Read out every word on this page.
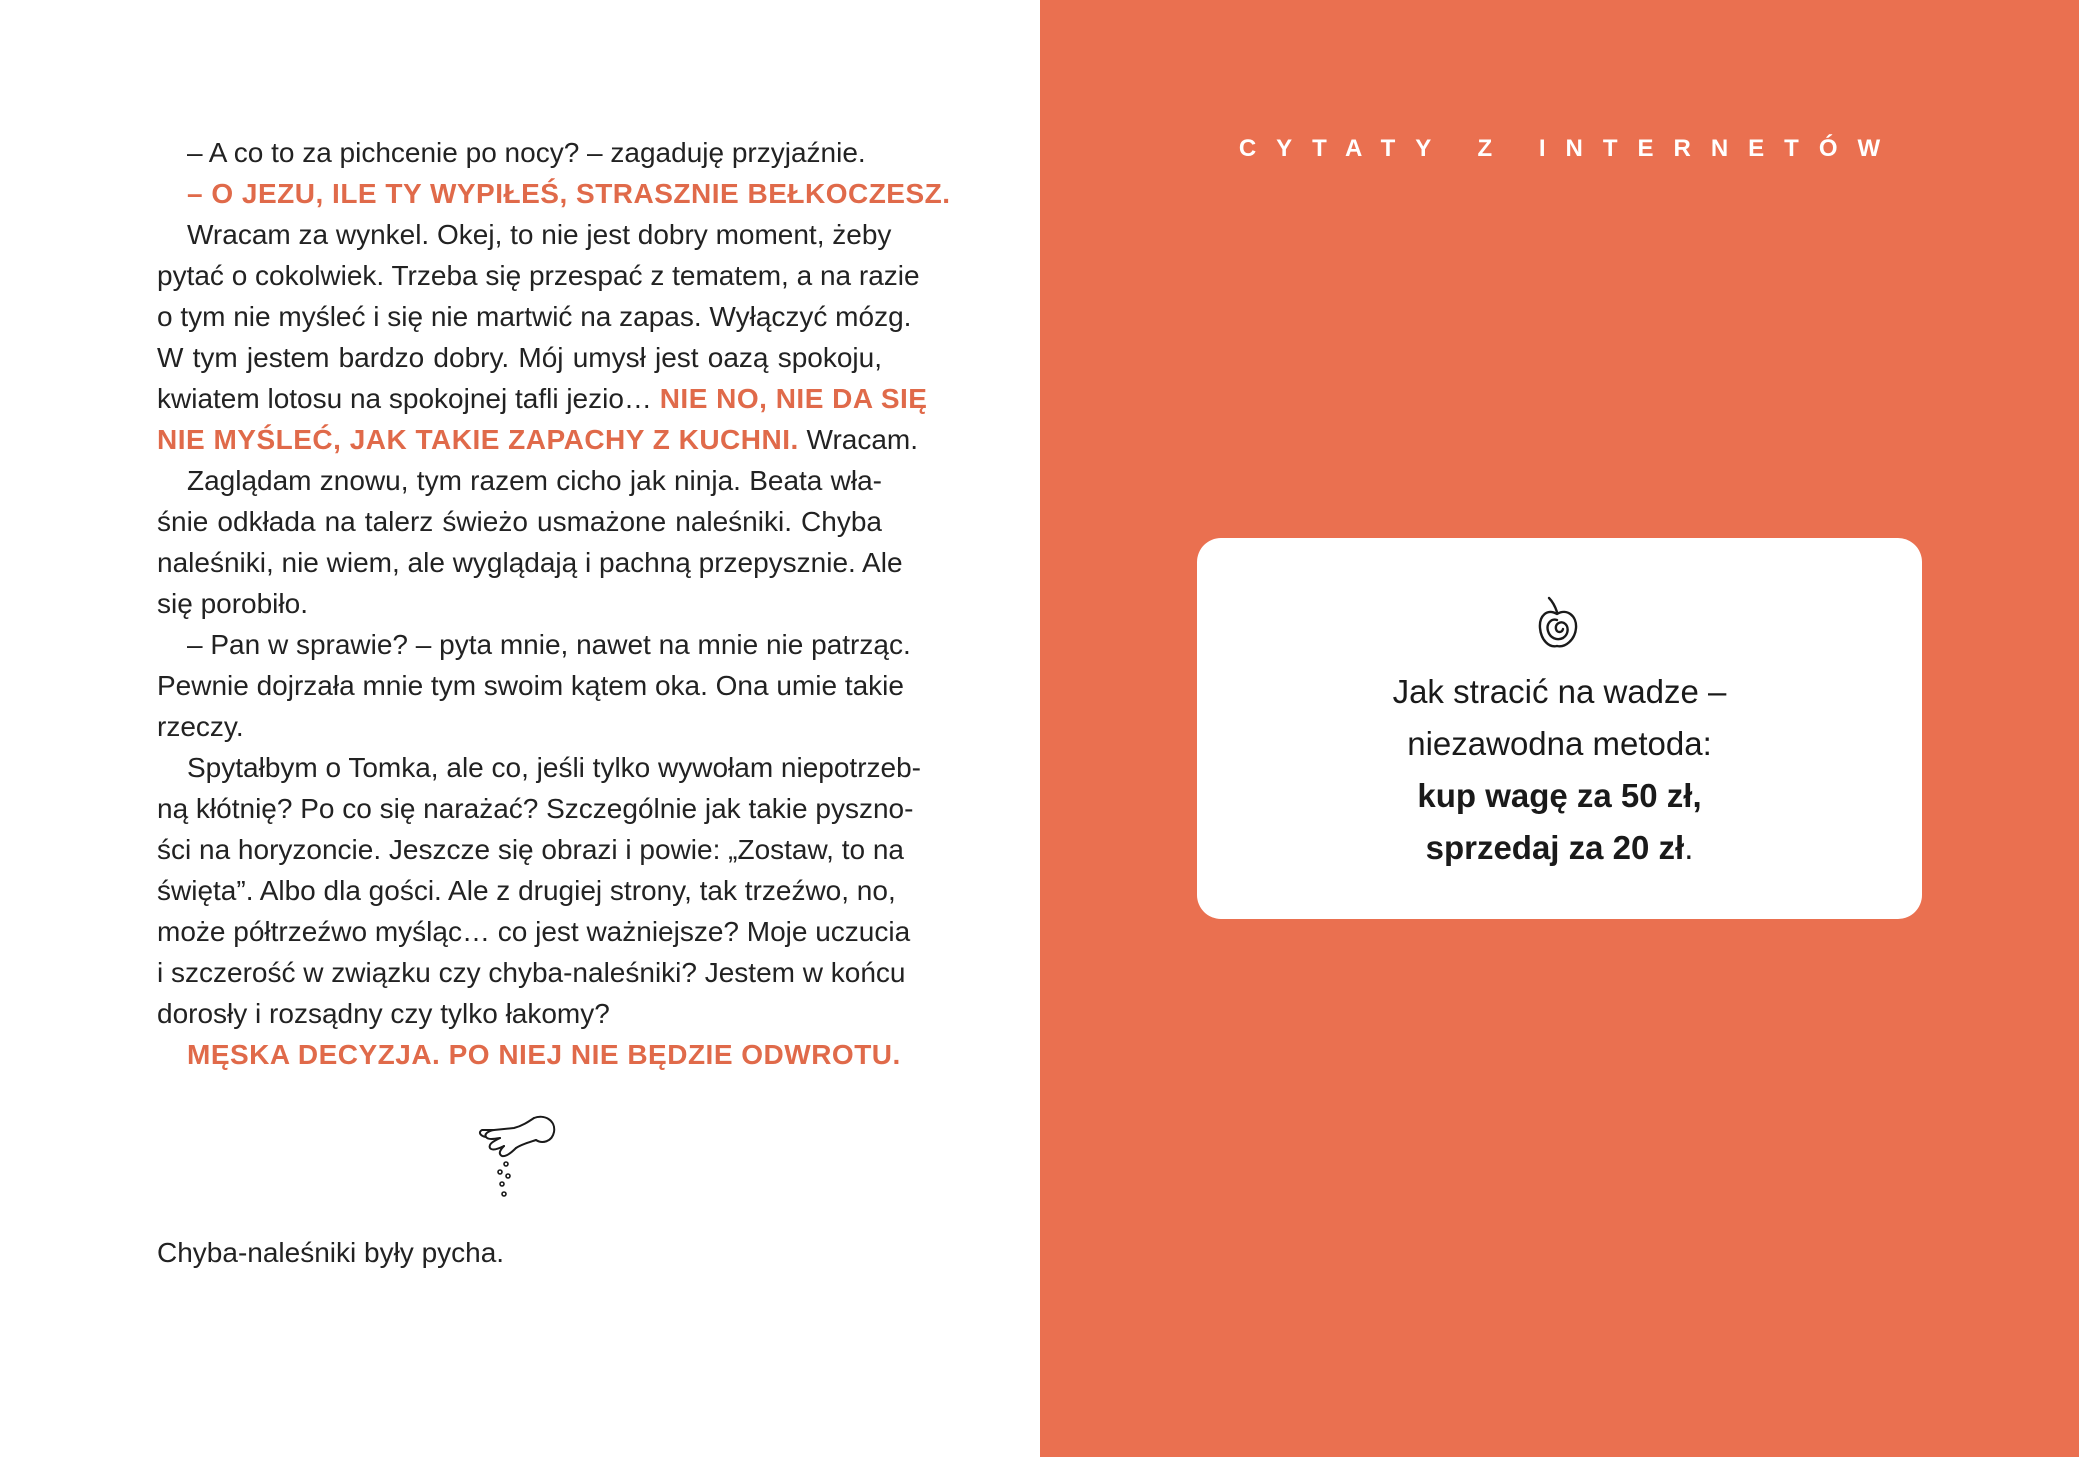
– A co to za pichcenie po nocy? – zagaduję przyjaźnie.
– O JEZU, ILE TY WYPIŁEŚ, STRASZNIE BEŁKOCZESZ.
Wracam za wynkel. Okej, to nie jest dobry moment, żeby
pytać o cokolwiek. Trzeba się przespać z tematem, a na razie
o tym nie myśleć i się nie martwić na zapas. Wyłączyć mózg.
W tym jestem bardzo dobry. Mój umysł jest oazą spokoju,
kwiatem lotosu na spokojnej tafli jezio… NIE NO, NIE DA SIĘ
NIE MYŚLEĆ, JAK TAKIE ZAPACHY Z KUCHNI. Wracam.
Zaglądam znowu, tym razem cicho jak ninja. Beata wła-
śnie odkłada na talerz świeżo usmażone naleśniki. Chyba
naleśniki, nie wiem, ale wyglądają i pachną przepysznie. Ale
się porobiło.
– Pan w sprawie? – pyta mnie, nawet na mnie nie patrząc.
Pewnie dojrzała mnie tym swoim kątem oka. Ona umie takie
rzeczy.
Spytałbym o Tomka, ale co, jeśli tylko wywołam niepotrzeb-
ną kłótnię? Po co się narażać? Szczególnie jak takie pyszno-
ści na horyzoncie. Jeszcze się obrazi i powie: „Zostaw, to na
święta”. Albo dla gości. Ale z drugiej strony, tak trzeźwo, no,
może półtrzeźwo myśląc… co jest ważniejsze? Moje uczucia
i szczerość w związku czy chyba-naleśniki? Jestem w końcu
dorosły i rozsądny czy tylko łakomy?
MĘSKA DECYZJA. PO NIEJ NIE BĘDZIE ODWROTU.
Chyba-naleśniki były pycha.
CYTATY Z INTERNETÓW
Jak stracić na wadze –
niezawodna metoda:
kup wagę za 50 zł,
sprzedaj za 20 zł.
